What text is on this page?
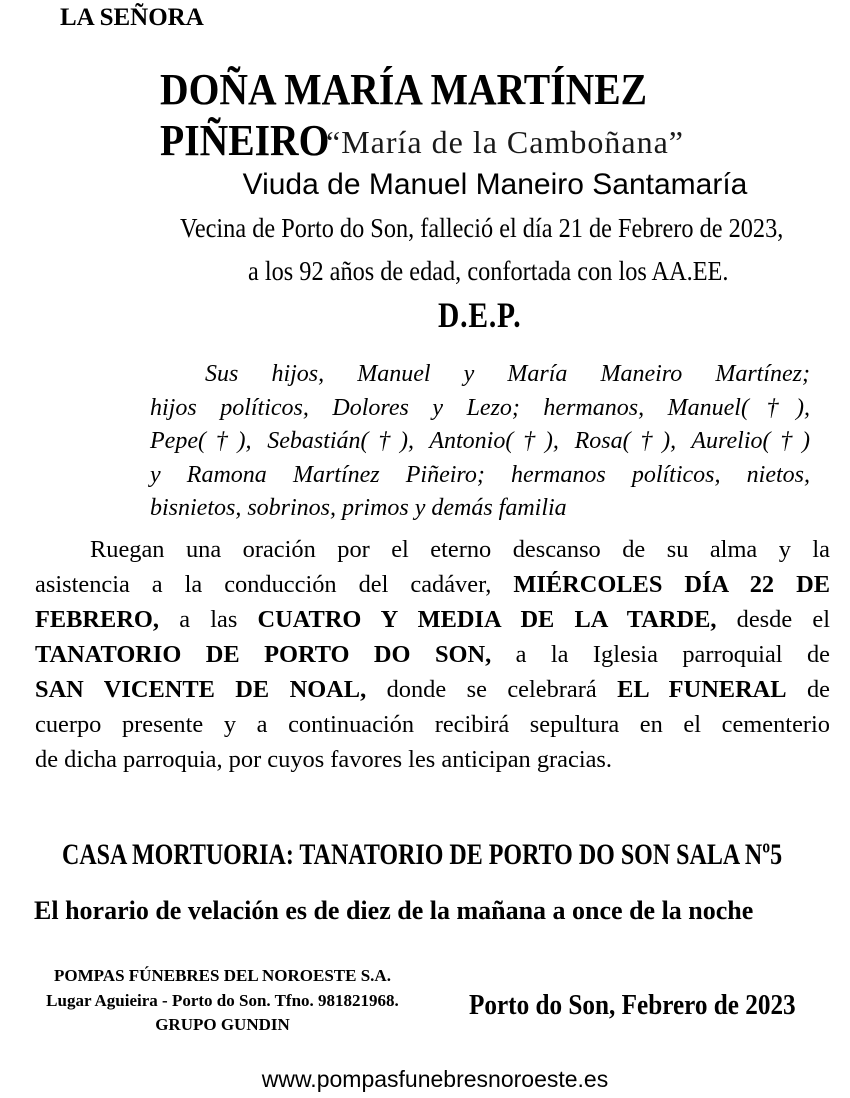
LA SEÑORA
DOÑA MARÍA MARTÍNEZ PIÑEIRO
“María de la Camboñana”
Viuda de Manuel Maneiro Santamaría
Vecina de Porto do Son, falleció el día 21 de Febrero de 2023,
a los 92 años de edad, confortada con los AA.EE.
D.E.P.
Sus hijos, Manuel y María Maneiro Martínez;
hijos políticos, Dolores y Lezo; hermanos, Manuel(†),
Pepe(†), Sebastián(†), Antonio(†), Rosa(†), Aurelio(†)
y Ramona Martínez Piñeiro; hermanos políticos, nietos,
bisnietos, sobrinos, primos y demás familia
Ruegan una oración por el eterno descanso de su alma y la
asistencia a la conducción del cadáver, MIÉRCOLES DÍA 22 DE
FEBRERO, a las CUATRO Y MEDIA DE LA TARDE, desde el
TANATORIO DE PORTO DO SON, a la Iglesia parroquial de
SAN VICENTE DE NOAL, donde se celebrará EL FUNERAL de
cuerpo presente y a continuación recibirá sepultura en el cementerio
de dicha parroquia, por cuyos favores les anticipan gracias.
CASA MORTUORIA: TANATORIO DE PORTO DO SON SALA Nº5
El horario de velación es de diez de la mañana a once de la noche
POMPAS FÚNEBRES DEL NOROESTE S.A.
Lugar Aguieira - Porto do Son. Tfno. 981821968.
GRUPO GUNDIN
Porto do Son, Febrero de 2023
www.pompasfunebresnoroeste.es
